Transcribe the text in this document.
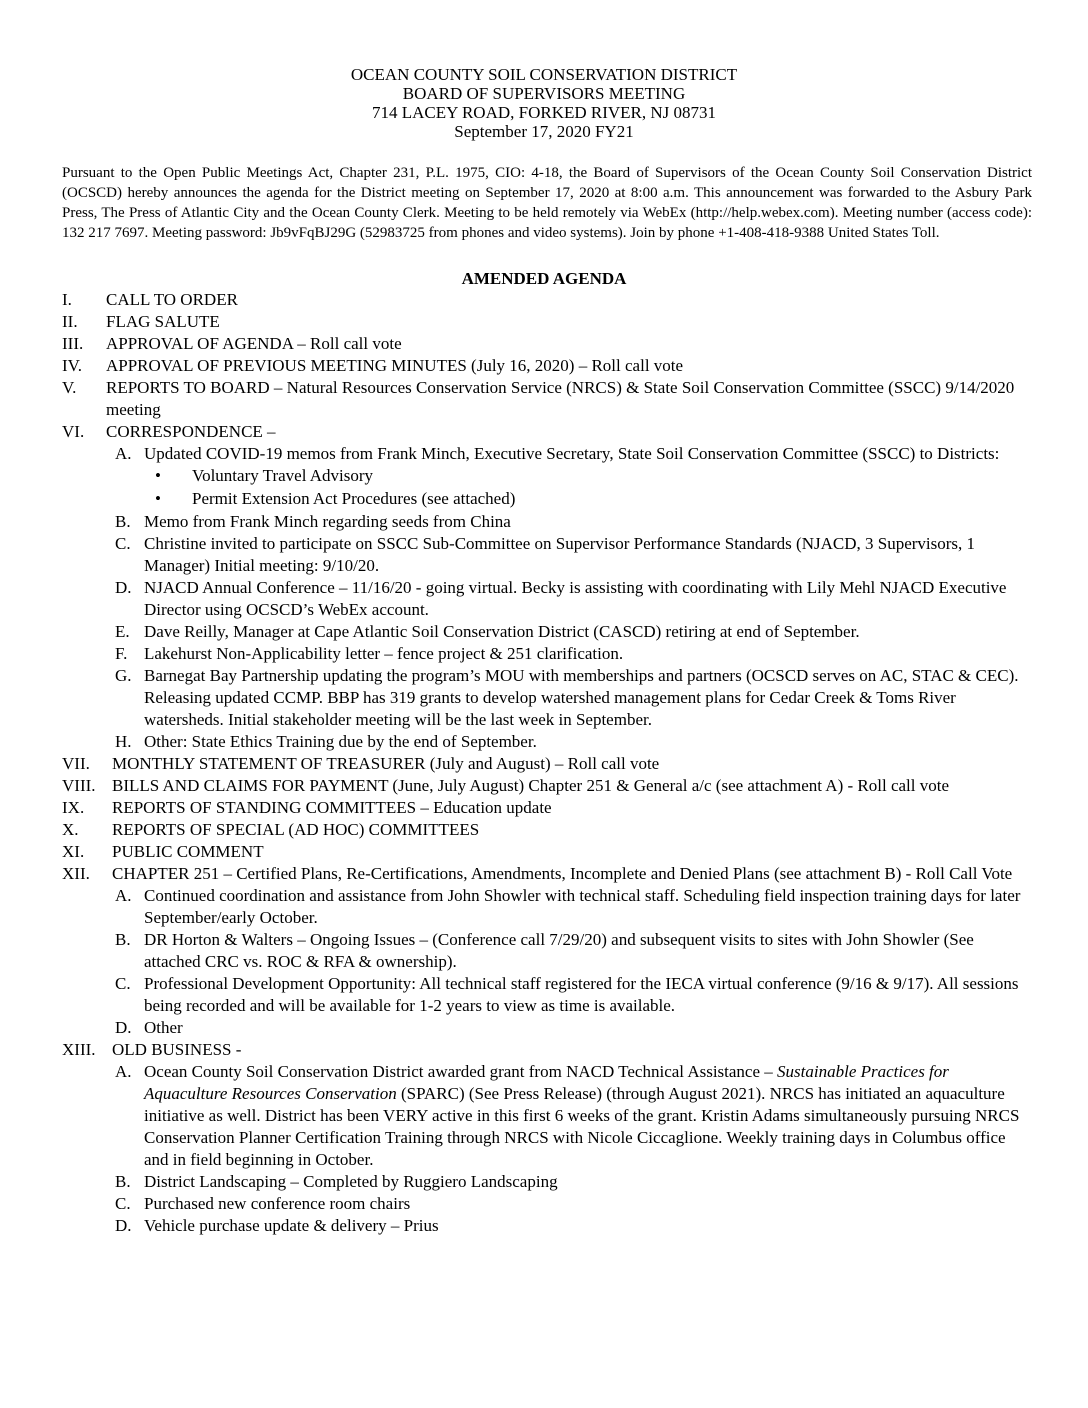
OCEAN COUNTY SOIL CONSERVATION DISTRICT
BOARD OF SUPERVISORS MEETING
714 LACEY ROAD, FORKED RIVER, NJ 08731
September 17, 2020 FY21
Pursuant to the Open Public Meetings Act, Chapter 231, P.L. 1975, CIO: 4-18, the Board of Supervisors of the Ocean County Soil Conservation District (OCSCD) hereby announces the agenda for the District meeting on September 17, 2020 at 8:00 a.m. This announcement was forwarded to the Asbury Park Press, The Press of Atlantic City and the Ocean County Clerk. Meeting to be held remotely via WebEx (http://help.webex.com). Meeting number (access code): 132 217 7697. Meeting password: Jb9vFqBJ29G (52983725 from phones and video systems). Join by phone +1-408-418-9388 United States Toll.
AMENDED AGENDA
I. CALL TO ORDER
II. FLAG SALUTE
III. APPROVAL OF AGENDA – Roll call vote
IV. APPROVAL OF PREVIOUS MEETING MINUTES (July 16, 2020) – Roll call vote
V. REPORTS TO BOARD – Natural Resources Conservation Service (NRCS) & State Soil Conservation Committee (SSCC) 9/14/2020 meeting
VI. CORRESPONDENCE –
A. Updated COVID-19 memos from Frank Minch, Executive Secretary, State Soil Conservation Committee (SSCC) to Districts:
• Voluntary Travel Advisory
• Permit Extension Act Procedures (see attached)
B. Memo from Frank Minch regarding seeds from China
C. Christine invited to participate on SSCC Sub-Committee on Supervisor Performance Standards (NJACD, 3 Supervisors, 1 Manager) Initial meeting: 9/10/20.
D. NJACD Annual Conference – 11/16/20 - going virtual. Becky is assisting with coordinating with Lily Mehl NJACD Executive Director using OCSCD’s WebEx account.
E. Dave Reilly, Manager at Cape Atlantic Soil Conservation District (CASCD) retiring at end of September.
F. Lakehurst Non-Applicability letter – fence project & 251 clarification.
G. Barnegat Bay Partnership updating the program’s MOU with memberships and partners (OCSCD serves on AC, STAC & CEC). Releasing updated CCMP. BBP has 319 grants to develop watershed management plans for Cedar Creek & Toms River watersheds. Initial stakeholder meeting will be the last week in September.
H. Other: State Ethics Training due by the end of September.
VII. MONTHLY STATEMENT OF TREASURER (July and August) – Roll call vote
VIII. BILLS AND CLAIMS FOR PAYMENT (June, July August) Chapter 251 & General a/c (see attachment A) - Roll call vote
IX. REPORTS OF STANDING COMMITTEES – Education update
X. REPORTS OF SPECIAL (AD HOC) COMMITTEES
XI. PUBLIC COMMENT
XII. CHAPTER 251 – Certified Plans, Re-Certifications, Amendments, Incomplete and Denied Plans (see attachment B) - Roll Call Vote
A. Continued coordination and assistance from John Showler with technical staff. Scheduling field inspection training days for later September/early October.
B. DR Horton & Walters – Ongoing Issues – (Conference call 7/29/20) and subsequent visits to sites with John Showler (See attached CRC vs. ROC & RFA & ownership).
C. Professional Development Opportunity: All technical staff registered for the IECA virtual conference (9/16 & 9/17). All sessions being recorded and will be available for 1-2 years to view as time is available.
D. Other
XIII. OLD BUSINESS -
A. Ocean County Soil Conservation District awarded grant from NACD Technical Assistance – Sustainable Practices for Aquaculture Resources Conservation (SPARC) (See Press Release) (through August 2021). NRCS has initiated an aquaculture initiative as well. District has been VERY active in this first 6 weeks of the grant. Kristin Adams simultaneously pursuing NRCS Conservation Planner Certification Training through NRCS with Nicole Ciccaglione. Weekly training days in Columbus office and in field beginning in October.
B. District Landscaping – Completed by Ruggiero Landscaping
C. Purchased new conference room chairs
D. Vehicle purchase update & delivery – Prius
